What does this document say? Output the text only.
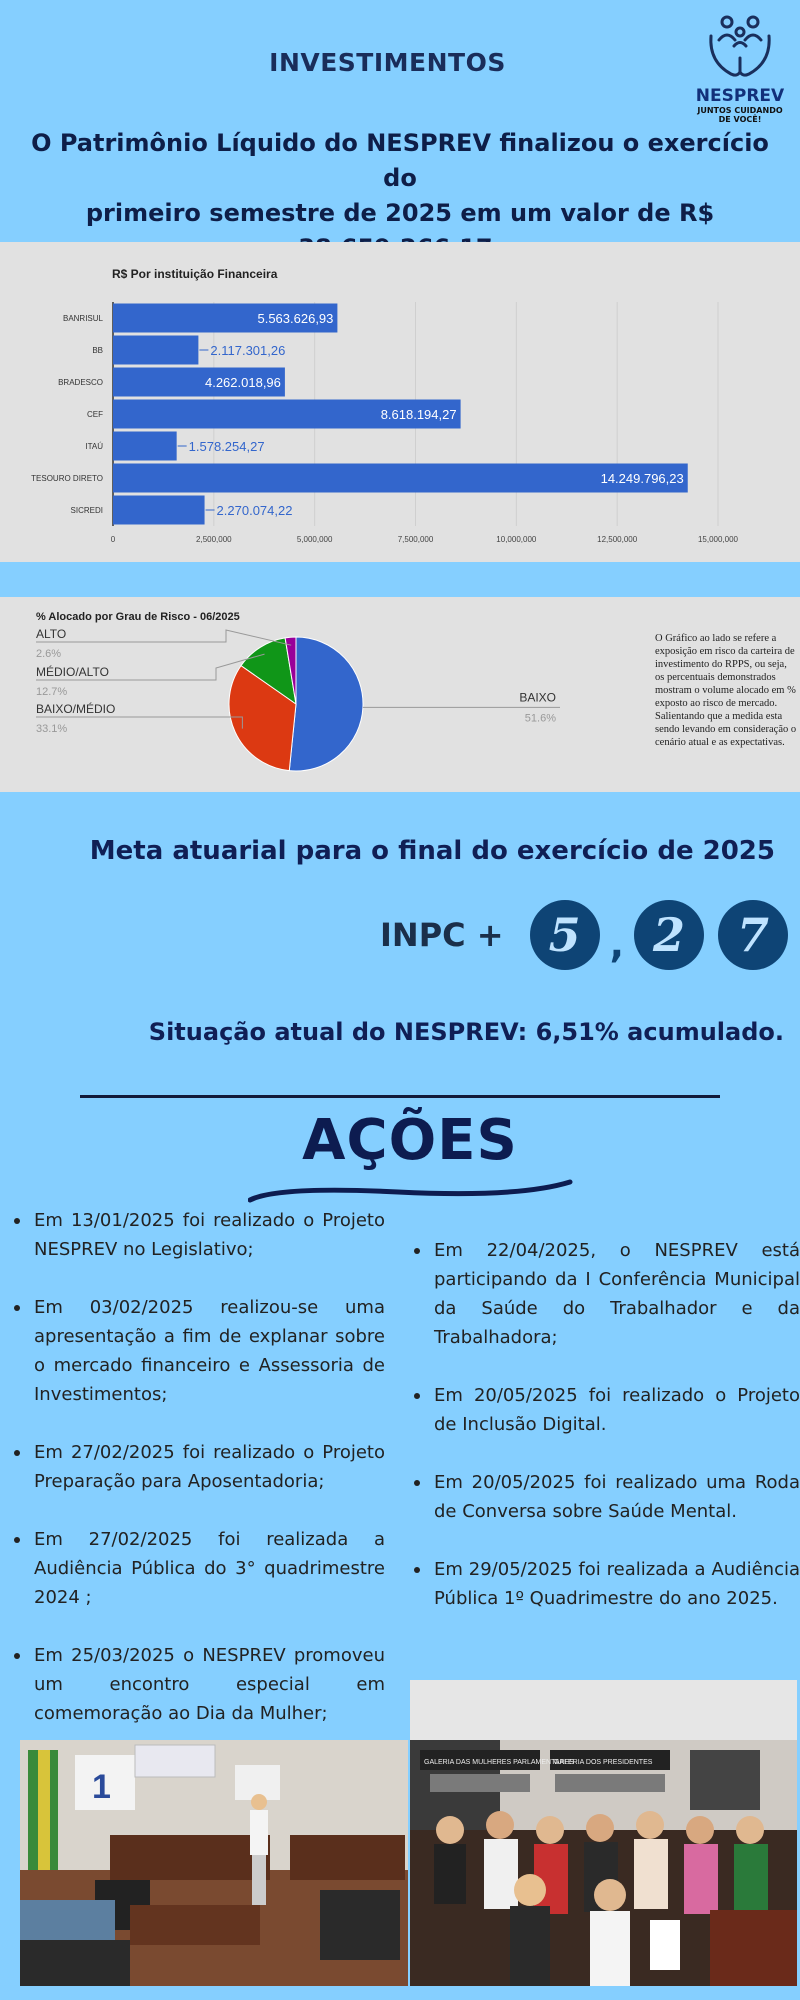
INVESTIMENTOS
NESPREV
JUNTOS CUIDANDO DE VOCÊ!
O Patrimônio Líquido do NESPREV finalizou o exercício do
primeiro semestre de 2025 em um valor de R$
R$ Por instituição Financeira
0	2,500,000	5,000,000	7,500,000	10,000,000	12,500,000	15,000,000
BANRISUL	5.563.626,93
BB	2.117.301,26
BRADESCO	4.262.018,96
CEF	8.618.194,27
ITAÚ	1.578.254,27
TESOURO DIRETO	14.249.796,23
SICREDI	2.270.074,22
% Alocado por Grau de Risco - 06/2025
BAIXO
51.6%
ALTO
2.6%
MÉDIO/ALTO
12.7%
BAIXO/MÉDIO
33.1%
O Gráfico ao lado se refere a exposição em risco da carteira de investimento do RPPS, ou seja, os percentuais demonstrados mostram o volume alocado em % exposto ao risco de mercado. Salientando que a medida esta sendo levando em consideração o cenário atual e as expectativas.
Meta atuarial para o final do exercício de 2025
INPC + 5 , 2	7
Situação atual do NESPREV: 6,51% acumulado.
AÇÕES
Em 13/01/2025 foi realizado o Projeto NESPREV no Legislativo;
Em 03/02/2025 realizou-se uma apresentação a fim de explanar sobre o mercado financeiro e Assessoria de Investimentos;
Em 27/02/2025 foi realizado o Projeto Preparação para Aposentadoria;
Em 27/02/2025 foi realizada a Audiência Pública do 3° quadrimestre 2024 ;
Em 25/03/2025 o NESPREV promoveu um encontro especial em comemoração ao Dia da Mulher;
Em 22/04/2025, o NESPREV está participando da I Conferência Municipal da Saúde do Trabalhador e da Trabalhadora;
Em 20/05/2025 foi realizado o Projeto de Inclusão Digital.
Em 20/05/2025 foi realizado uma Roda de Conversa sobre Saúde Mental.
Em 29/05/2025 foi realizada a Audiência Pública 1º Quadrimestre do ano 2025.
1
GALERIA DAS MULHERES PARLAMENTARES
GALERIA DOS PRESIDENTES
